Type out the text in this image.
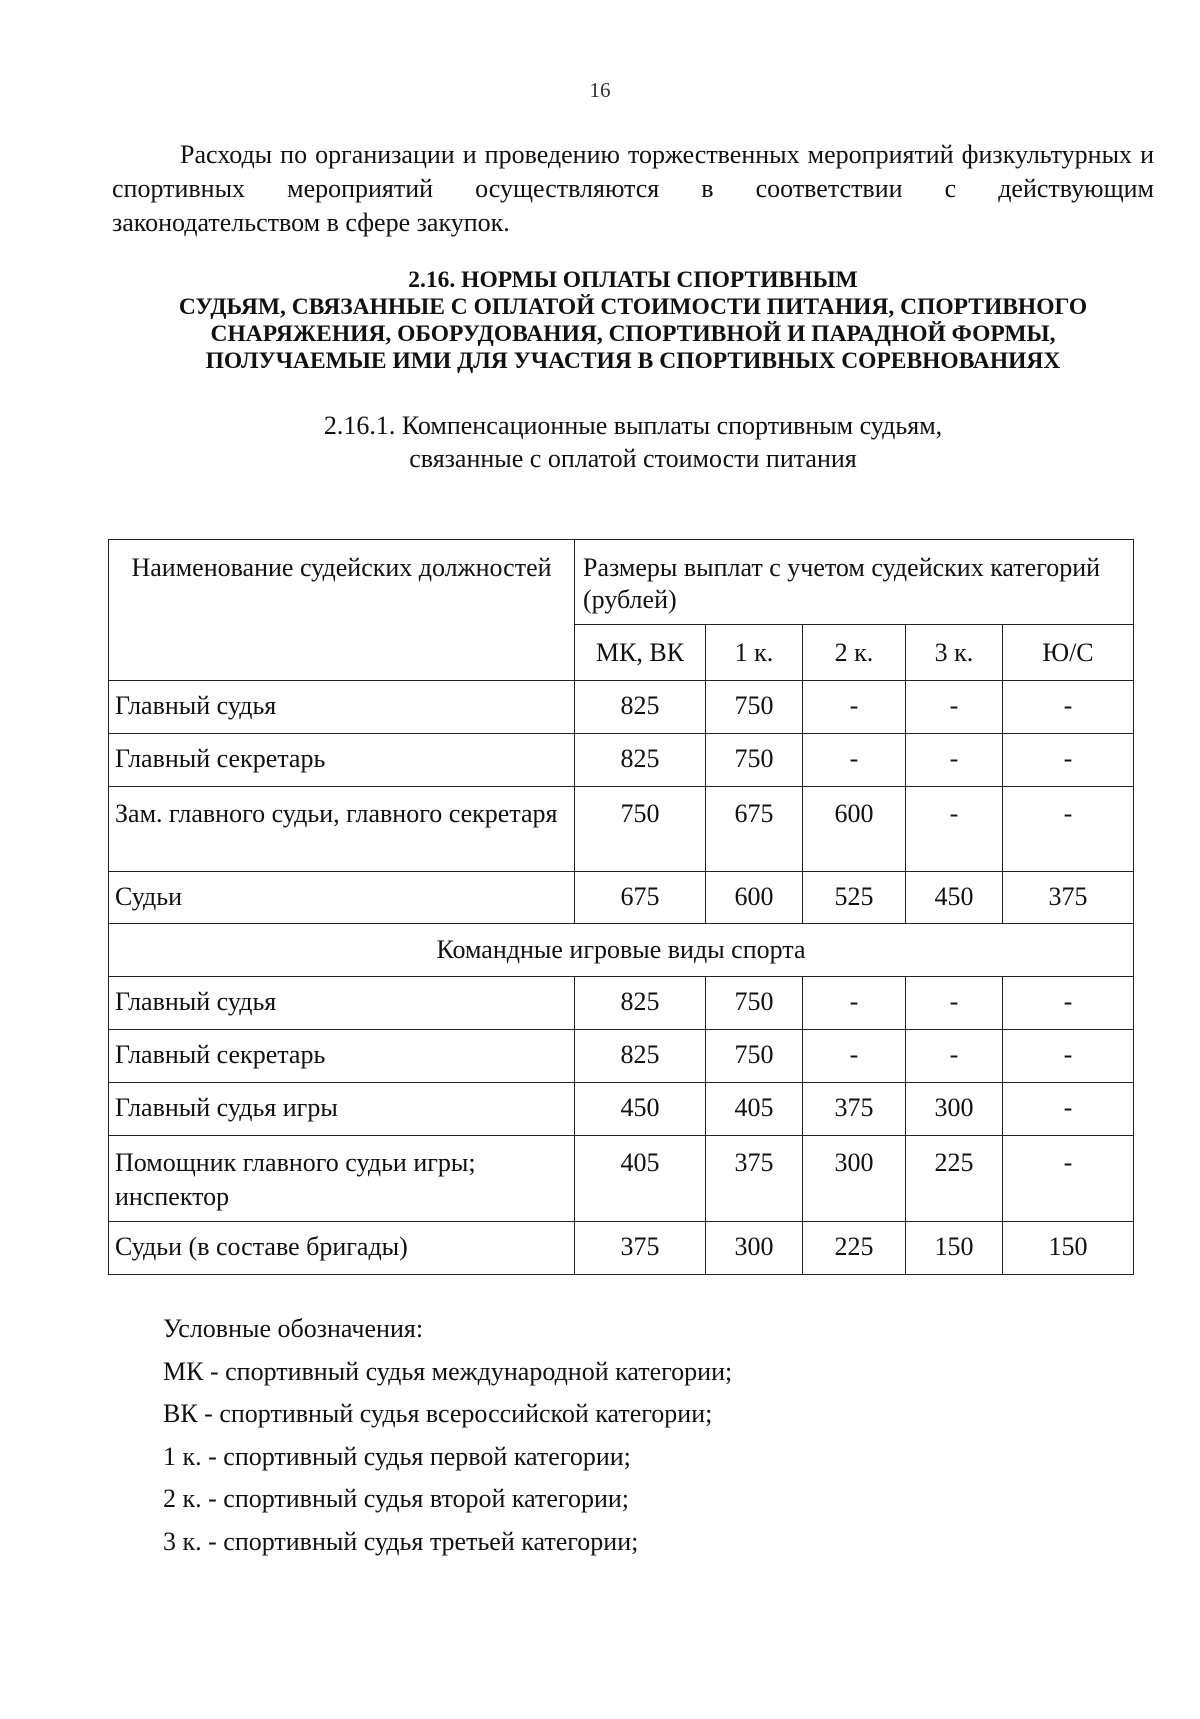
16

Расходы по организации и проведению торжественных мероприятий физкультурных и спортивных мероприятий осуществляются в соответствии с действующим законодательством в сфере закупок.

2.16. НОРМЫ ОПЛАТЫ СПОРТИВНЫМ
СУДЬЯМ, СВЯЗАННЫЕ С ОПЛАТОЙ СТОИМОСТИ ПИТАНИЯ, СПОРТИВНОГО
СНАРЯЖЕНИЯ, ОБОРУДОВАНИЯ, СПОРТИВНОЙ И ПАРАДНОЙ ФОРМЫ,
ПОЛУЧАЕМЫЕ ИМИ ДЛЯ УЧАСТИЯ В СПОРТИВНЫХ СОРЕВНОВАНИЯХ
2.16.1. Компенсационные выплаты спортивным судьям,
связанные с оплатой стоимости питания
Наименование судейских должностей	Размеры выплат с учетом судейских категорий (рублей)				
	МК, ВК	1 к.	2 к.	3 к.	Ю/С
Главный судья	825	750	-	-	-
Главный секретарь	825	750	-	-	-
Зам. главного судьи, главного секретаря	750	675	600	-	-
Судьи	675	600	525	450	375
Командные игровые виды спорта					
Главный судья	825	750	-	-	-
Главный секретарь	825	750	-	-	-
Главный судья игры	450	405	375	300	-
Помощник главного судьи игры; инспектор	405	375	300	225	-
Судьи (в составе бригады)	375	300	225	150	150
Условные обозначения:
МК - спортивный судья международной категории;
ВК - спортивный судья всероссийской категории;
1 к. - спортивный судья первой категории;
2 к. - спортивный судья второй категории;
3 к. - спортивный судья третьей категории;
